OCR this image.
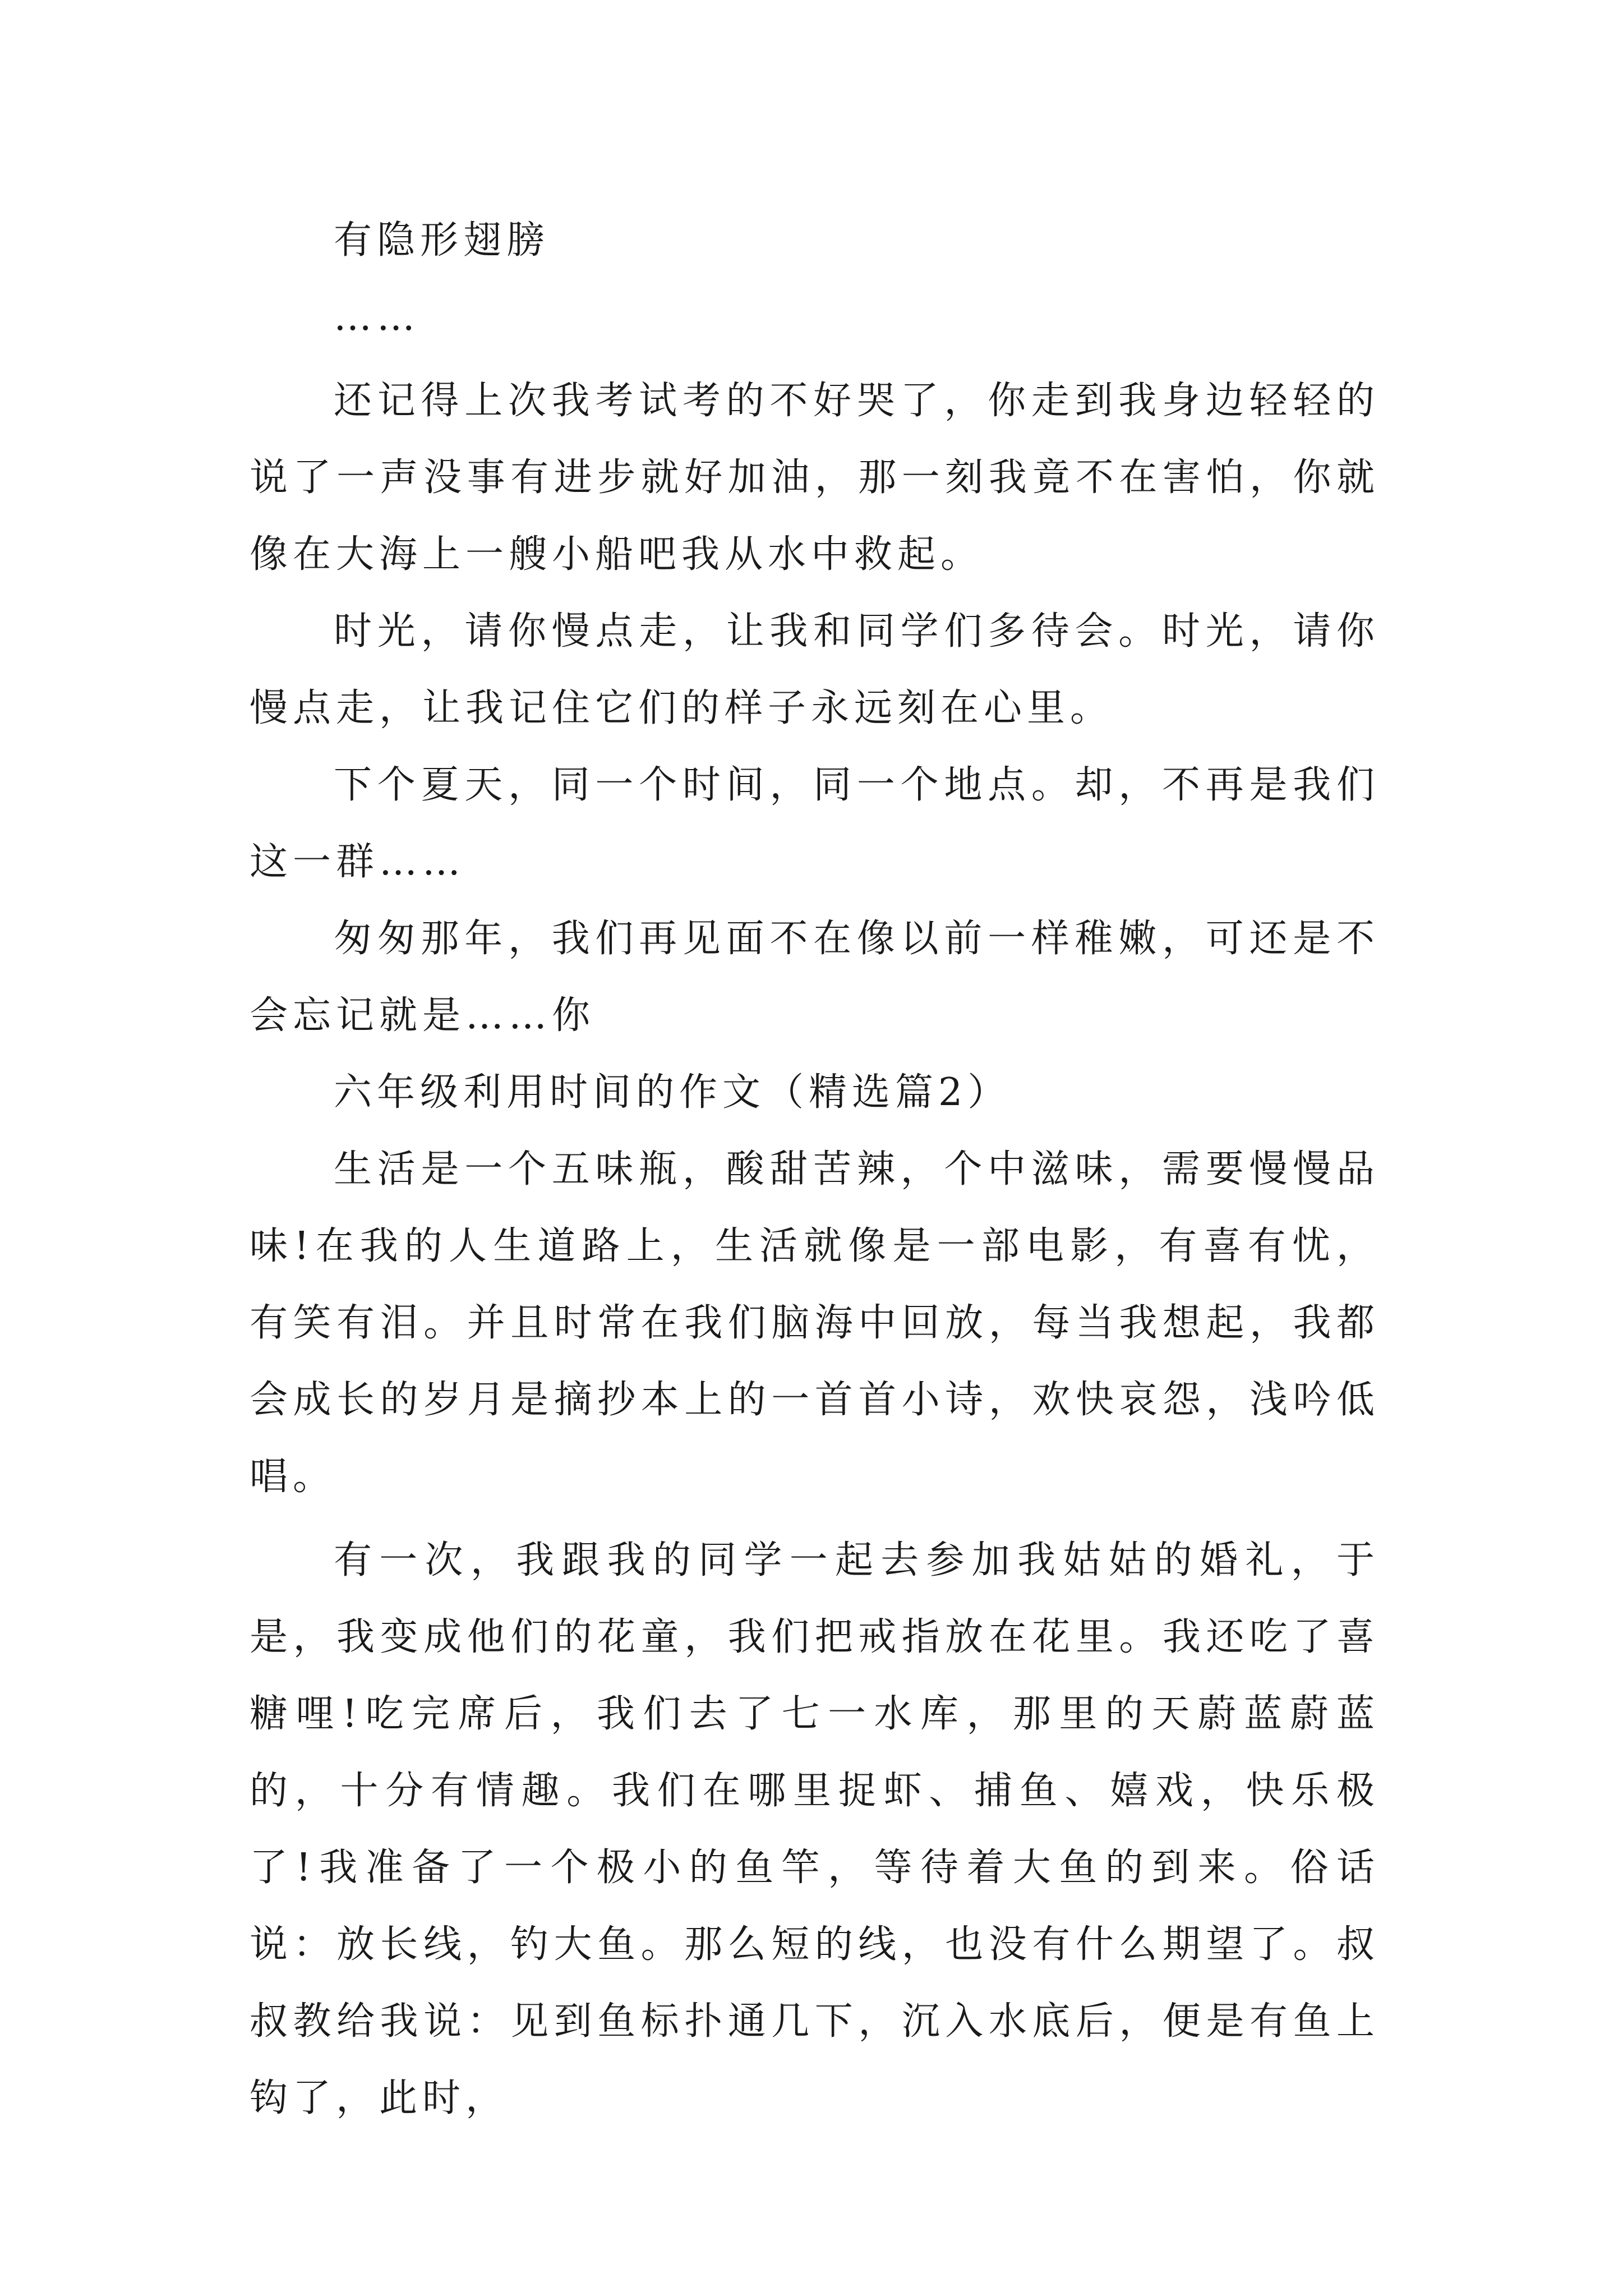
有隐形翅膀

……

还记得上次我考试考的不好哭了，你走到我身边轻轻的说了一声没事有进步就好加油，那一刻我竟不在害怕，你就像在大海上一艘小船吧我从水中救起。

时光，请你慢点走，让我和同学们多待会。时光，请你慢点走，让我记住它们的样子永远刻在心里。

下个夏天，同一个时间，同一个地点。却，不再是我们这一群……

匆匆那年，我们再见面不在像以前一样稚嫩，可还是不会忘记就是……你

六年级利用时间的作文（精选篇2）

生活是一个五味瓶，酸甜苦辣，个中滋味，需要慢慢品味!在我的人生道路上，生活就像是一部电影，有喜有忧，有笑有泪。并且时常在我们脑海中回放，每当我想起，我都会成长的岁月是摘抄本上的一首首小诗，欢快哀怨，浅吟低唱。

有一次，我跟我的同学一起去参加我姑姑的婚礼，于是，我变成他们的花童，我们把戒指放在花里。我还吃了喜糖哩!吃完席后，我们去了七一水库，那里的天蔚蓝蔚蓝的，十分有情趣。我们在哪里捉虾、捕鱼、嬉戏，快乐极了!我准备了一个极小的鱼竿，等待着大鱼的到来。俗话说：放长线，钓大鱼。那么短的线，也没有什么期望了。叔叔教给我说：见到鱼标扑通几下，沉入水底后，便是有鱼上钩了，此时，
